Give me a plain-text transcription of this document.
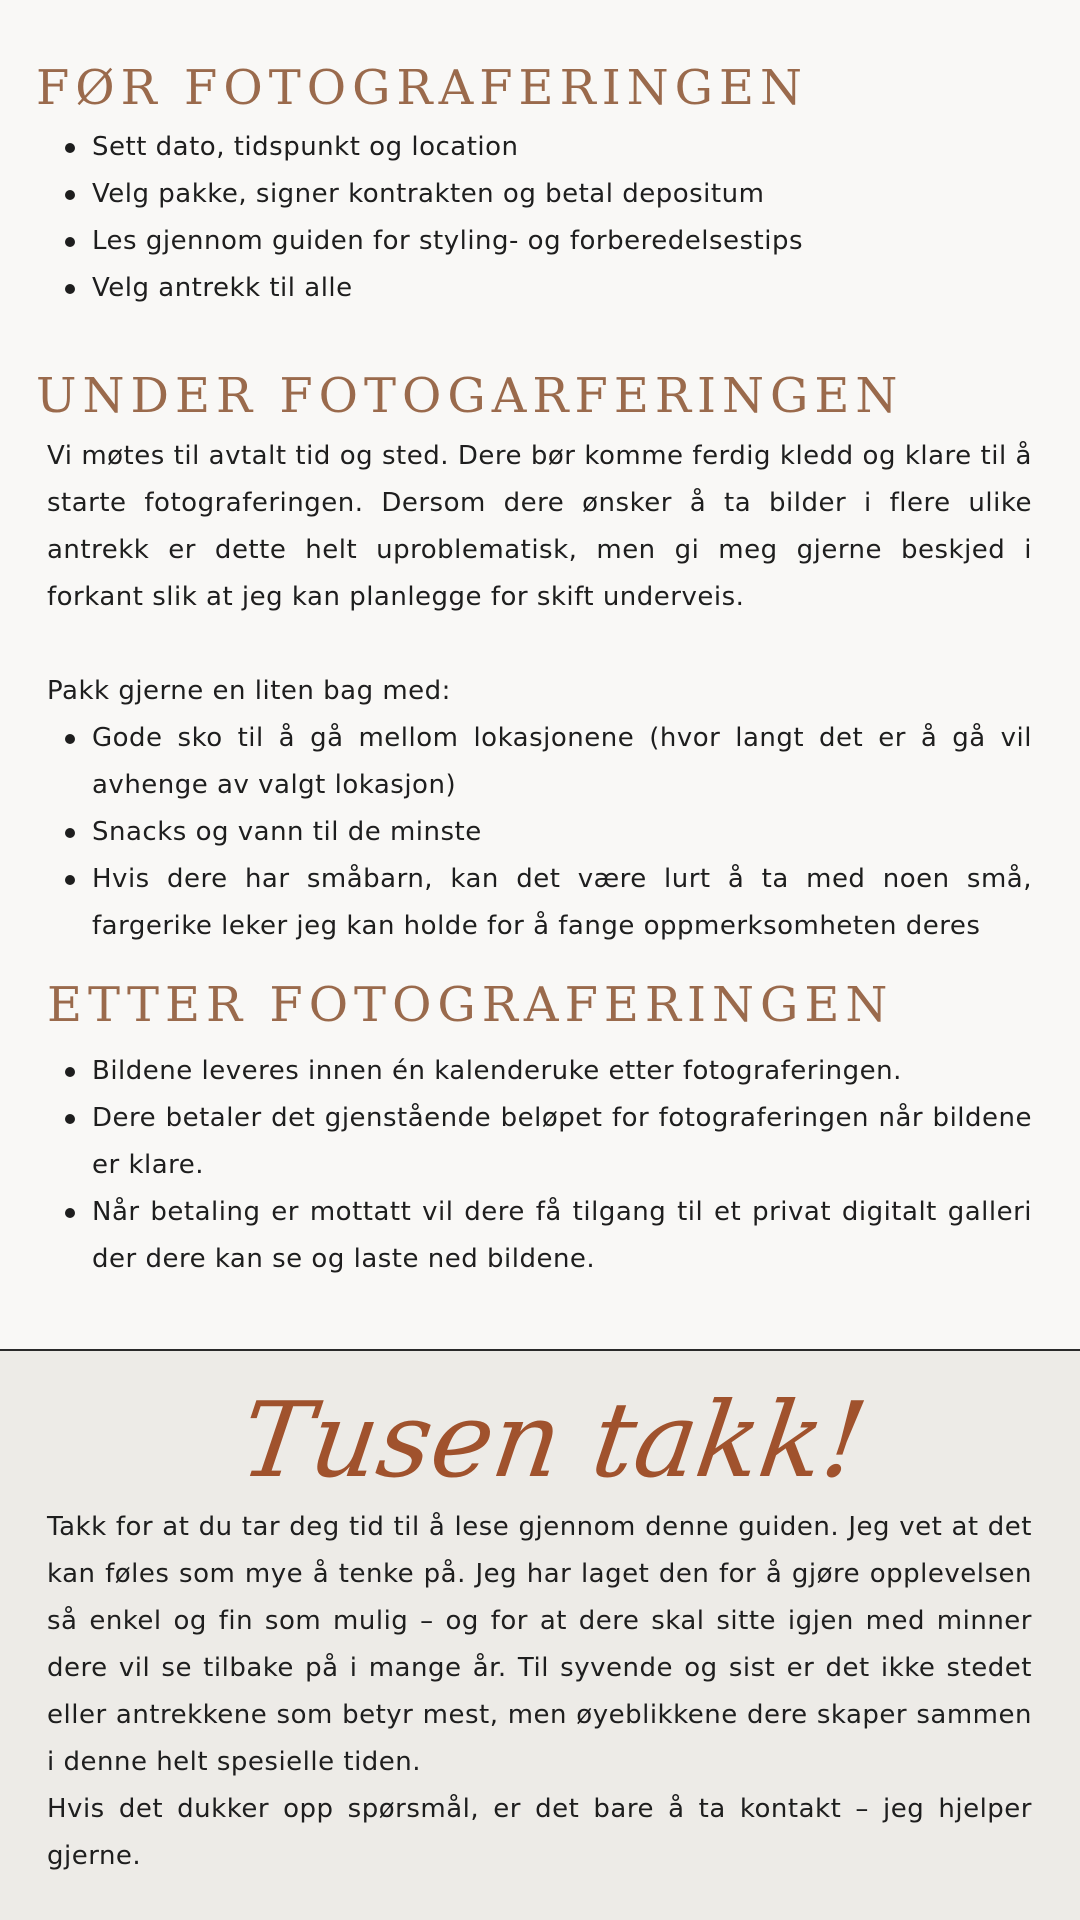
FØR FOTOGRAFERINGEN
Sett dato, tidspunkt og location
Velg pakke, signer kontrakten og betal depositum
Les gjennom guiden for styling- og forberedelsestips
Velg antrekk til alle
UNDER FOTOGARFERINGEN

Vi møtes til avtalt tid og sted. Dere bør komme ferdig kledd og klare til å starte fotograferingen. Dersom dere ønsker å ta bilder i flere ulike antrekk er dette helt uproblematisk, men gi meg gjerne beskjed i forkant slik at jeg kan planlegge for skift underveis.

Pakk gjerne en liten bag med:

Gode sko til å gå mellom lokasjonene (hvor langt det er å gå vil avhenge av valgt lokasjon)
Snacks og vann til de minste
Hvis dere har småbarn, kan det være lurt å ta med noen små, fargerike leker jeg kan holde for å fange oppmerksomheten deres
ETTER FOTOGRAFERINGEN
Bildene leveres innen én kalenderuke etter fotograferingen.
Dere betaler det gjenstående beløpet for fotograferingen når bildene er klare.
Når betaling er mottatt vil dere få tilgang til et privat digitalt galleri der dere kan se og laste ned bildene.
Tusen takk!

Takk for at du tar deg tid til å lese gjennom denne guiden. Jeg vet at det kan føles som mye å tenke på. Jeg har laget den for å gjøre opplevelsen så enkel og fin som mulig – og for at dere skal sitte igjen med minner dere vil se tilbake på i mange år. Til syvende og sist er det ikke stedet eller antrekkene som betyr mest, men øyeblikkene dere skaper sammen i denne helt spesielle tiden.

Hvis det dukker opp spørsmål, er det bare å ta kontakt – jeg hjelper gjerne.
